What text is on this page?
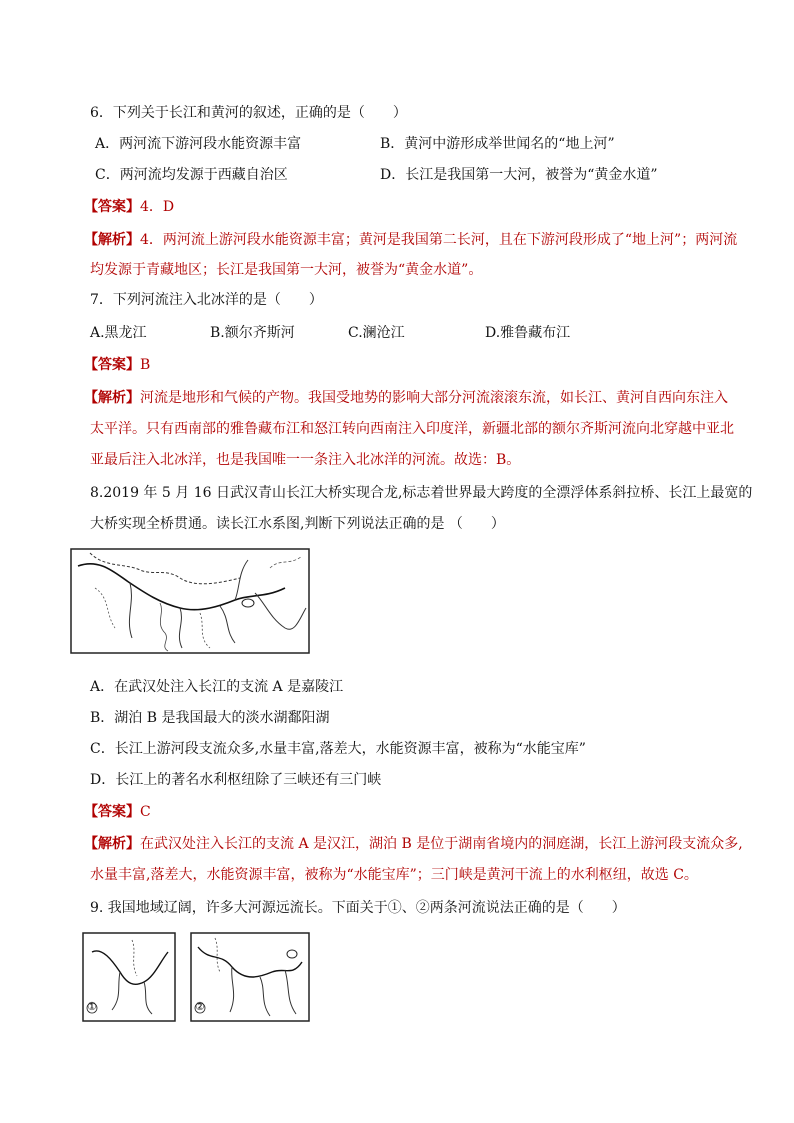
6．下列关于长江和黄河的叙述，正确的是（　　）
A．两河流下游河段水能资源丰富	B．黄河中游形成举世闻名的“地上河”
C．两河流均发源于西藏自治区	D．长江是我国第一大河，被誉为“黄金水道”
【答案】4．D
【解析】4．两河流上游河段水能资源丰富；黄河是我国第二长河，且在下游河段形成了“地上河”；两河流
均发源于青藏地区；长江是我国第一大河，被誉为“黄金水道”。
7．下列河流注入北冰洋的是（　　）
A.黑龙江	B.额尔齐斯河	C.澜沧江	D.雅鲁藏布江
【答案】B
【解析】河流是地形和气候的产物。我国受地势的影响大部分河流滚滚东流，如长江、黄河自西向东注入
太平洋。只有西南部的雅鲁藏布江和怒江转向西南注入印度洋，新疆北部的额尔齐斯河流向北穿越中亚北
亚最后注入北冰洋，也是我国唯一一条注入北冰洋的河流。故选：B。
8.2019 年 5 月 16 日武汉青山长江大桥实现合龙,标志着世界最大跨度的全漂浮体系斜拉桥、长江上最宽的
大桥实现全桥贯通。读长江水系图,判断下列说法正确的是 （　　）
A．在武汉处注入长江的支流 A 是嘉陵江
B．湖泊 B 是我国最大的淡水湖鄱阳湖
C．长江上游河段支流众多,水量丰富,落差大，水能资源丰富，被称为“水能宝库”
D．长江上的著名水利枢纽除了三峡还有三门峡
【答案】C
【解析】在武汉处注入长江的支流 A 是汉江，湖泊 B 是位于湖南省境内的洞庭湖，长江上游河段支流众多,
水量丰富,落差大，水能资源丰富，被称为“水能宝库”；三门峡是黄河干流上的水利枢纽，故选 C。
9. 我国地域辽阔，许多大河源远流长。下面关于①、②两条河流说法正确的是（　　）
①	②
